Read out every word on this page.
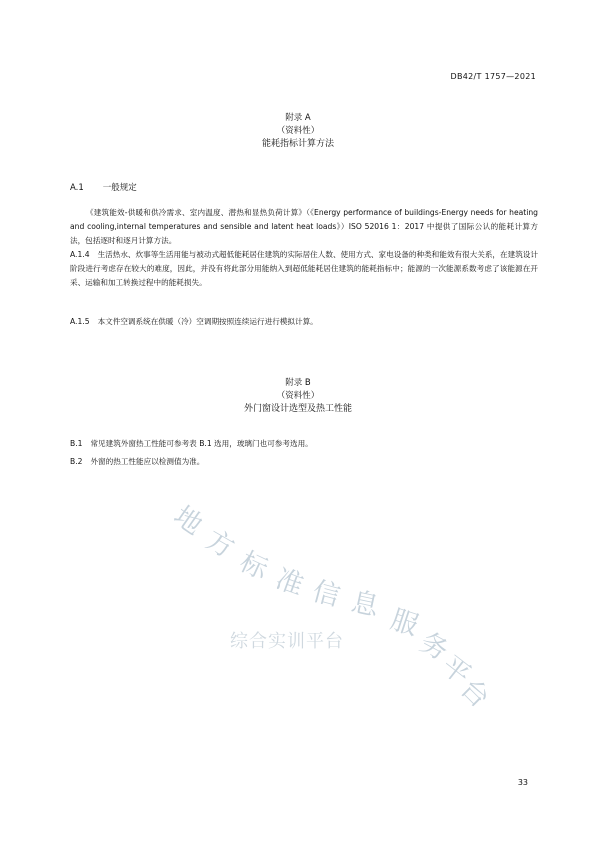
DB42/T 1757—2021
附录 A
（资料性）
能耗指标计算方法
A.1 一般规定
《建筑能效-供暖和供冷需求、室内温度、潜热和显热负荷计算》（《Energy performance of buildings-Energy needs for heating and cooling,internal temperatures and sensible and latent heat loads》）ISO 52016 1：2017 中提供了国际公认的能耗计算方法，包括逐时和逐月计算方法。
A.1.4 生活热水、炊事等生活用能与被动式超低能耗居住建筑的实际居住人数、使用方式、家电设备的种类和能效有很大关系，在建筑设计阶段进行考虑存在较大的难度，因此，并没有将此部分用能纳入到超低能耗居住建筑的能耗指标中；能源的一次能源系数考虑了该能源在开采、运输和加工转换过程中的能耗损失。
A.1.5 本文件空调系统在供暖（冷）空调期按照连续运行进行模拟计算。
附录 B
（资料性）
外门窗设计选型及热工性能
B.1 常见建筑外窗热工性能可参考表 B.1 选用，玻璃门也可参考选用。
B.2 外窗的热工性能应以检测值为准。
地
方
标
准 信 息 服
务
平
台
综合实训平台
33
